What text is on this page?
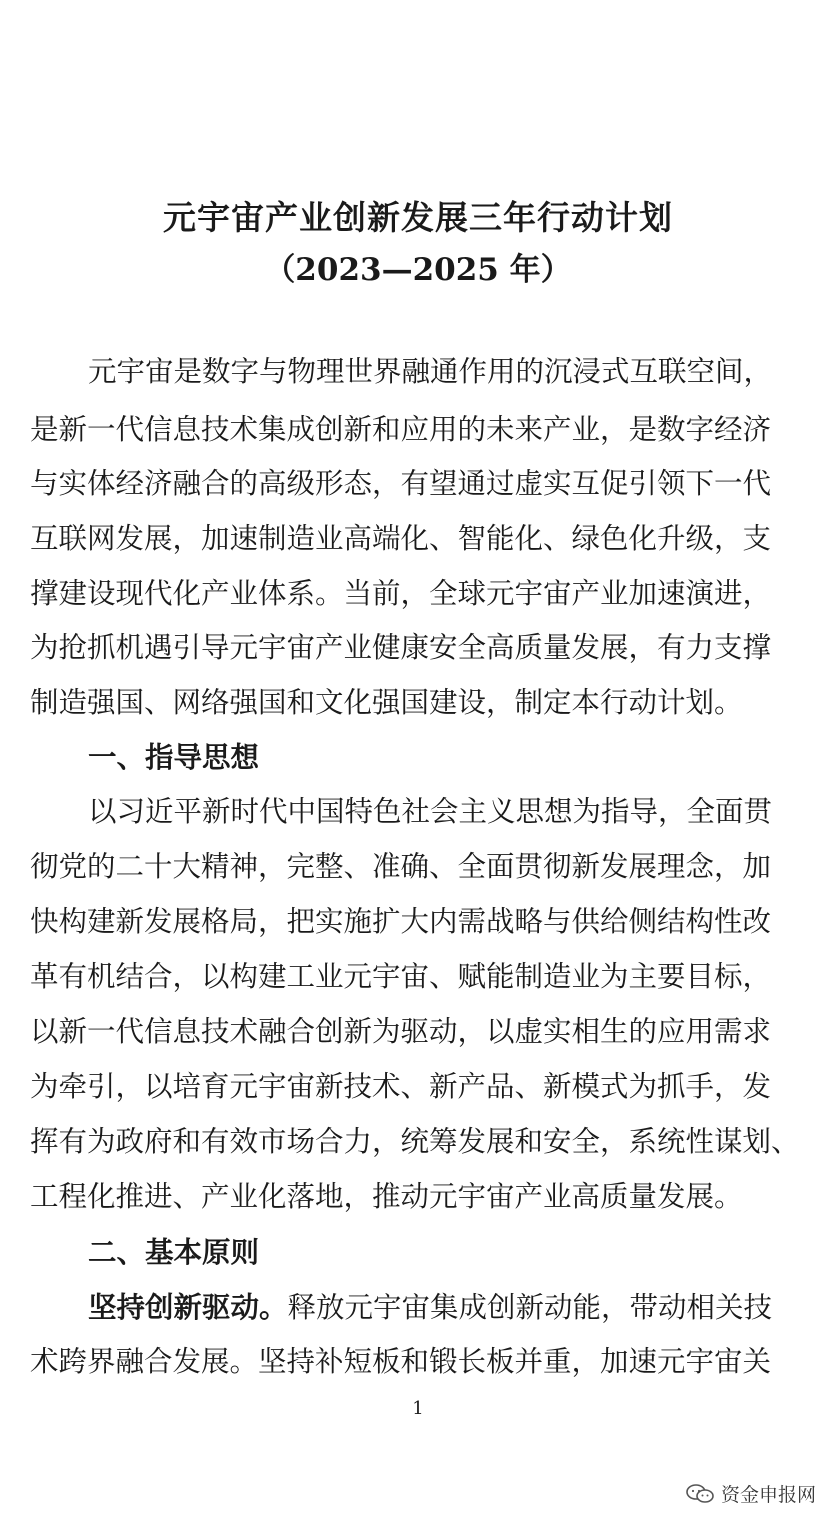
元宇宙产业创新发展三年行动计划
（2023—2025 年）
元宇宙是数字与物理世界融通作用的沉浸式互联空间，
是新一代信息技术集成创新和应用的未来产业，是数字经济
与实体经济融合的高级形态，有望通过虚实互促引领下一代
互联网发展，加速制造业高端化、智能化、绿色化升级，支
撑建设现代化产业体系。当前，全球元宇宙产业加速演进，
为抢抓机遇引导元宇宙产业健康安全高质量发展，有力支撑
制造强国、网络强国和文化强国建设，制定本行动计划。
一、指导思想
以习近平新时代中国特色社会主义思想为指导，全面贯
彻党的二十大精神，完整、准确、全面贯彻新发展理念，加
快构建新发展格局，把实施扩大内需战略与供给侧结构性改
革有机结合，以构建工业元宇宙、赋能制造业为主要目标，
以新一代信息技术融合创新为驱动，以虚实相生的应用需求
为牵引，以培育元宇宙新技术、新产品、新模式为抓手，发
挥有为政府和有效市场合力，统筹发展和安全，系统性谋划、
工程化推进、产业化落地，推动元宇宙产业高质量发展。
二、基本原则
坚持创新驱动。释放元宇宙集成创新动能，带动相关技
术跨界融合发展。坚持补短板和锻长板并重，加速元宇宙关
1
资金申报网
